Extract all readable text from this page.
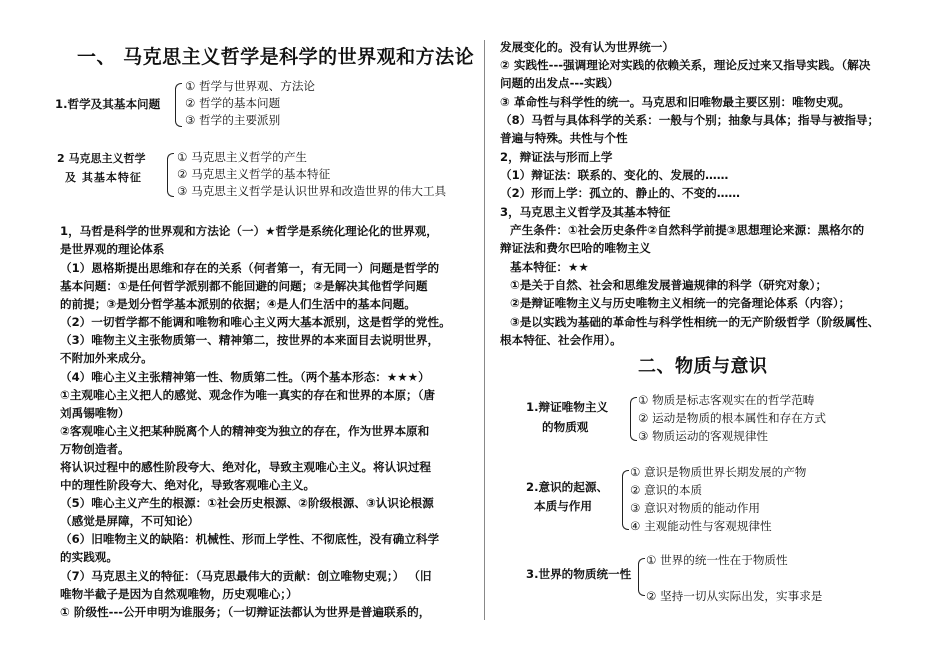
一、 马克思主义哲学是科学的世界观和方法论
1.哲学及其基本问题
① 哲学与世界观、方法论
② 哲学的基本问题
③ 哲学的主要派别
2 马克思主义哲学
及 其基本特征
① 马克思主义哲学的产生
② 马克思主义哲学的基本特征
③ 马克思主义哲学是认识世界和改造世界的伟大工具
1，马哲是科学的世界观和方法论（一）★哲学是系统化理论化的世界观，
是世界观的理论体系
（1）恩格斯提出思维和存在的关系（何者第一，有无同一）问题是哲学的
基本问题：①是任何哲学派别都不能回避的问题；②是解决其他哲学问题
的前提；③是划分哲学基本派别的依据；④是人们生活中的基本问题。
（2）一切哲学都不能调和唯物和唯心主义两大基本派别，这是哲学的党性。
（3）唯物主义主张物质第一、精神第二，按世界的本来面目去说明世界，
不附加外来成分。
（4）唯心主义主张精神第一性、物质第二性。（两个基本形态：★★★）
①主观唯心主义把人的感觉、观念作为唯一真实的存在和世界的本原；（唐
刘禹锡唯物）
②客观唯心主义把某种脱离个人的精神变为独立的存在，作为世界本原和
万物创造者。
将认识过程中的感性阶段夸大、绝对化，导致主观唯心主义。将认识过程
中的理性阶段夸大、绝对化，导致客观唯心主义。
（5）唯心主义产生的根源：①社会历史根源、②阶级根源、③认识论根源
（感觉是屏障，不可知论）
（6）旧唯物主义的缺陷：机械性、形而上学性、不彻底性，没有确立科学
的实践观。
（7）马克思主义的特征：（马克思最伟大的贡献：创立唯物史观；） （旧
唯物半截子是因为自然观唯物，历史观唯心；）
① 阶级性---公开申明为谁服务；（一切辩证法都认为世界是普遍联系的，
发展变化的。没有认为世界统一）
② 实践性---强调理论对实践的依赖关系，理论反过来又指导实践。（解决
问题的出发点---实践）
③ 革命性与科学性的统一。马克思和旧唯物最主要区别：唯物史观。
（8）马哲与具体科学的关系：一般与个别；抽象与具体；指导与被指导；
普遍与特殊。共性与个性
2，辩证法与形而上学
（1）辩证法：联系的、变化的、发展的……
（2）形而上学：孤立的、静止的、不变的……
3，马克思主义哲学及其基本特征
产生条件：①社会历史条件②自然科学前提③思想理论来源：黑格尔的
辩证法和费尔巴哈的唯物主义
基本特征：★★
①是关于自然、社会和思维发展普遍规律的科学（研究对象）；
②是辩证唯物主义与历史唯物主义相统一的完备理论体系（内容）；
③是以实践为基础的革命性与科学性相统一的无产阶级哲学（阶级属性、
根本特征、社会作用）。
二、物质与意识
1.辩证唯物主义
的物质观
① 物质是标志客观实在的哲学范畴
② 运动是物质的根本属性和存在方式
③ 物质运动的客观规律性
2.意识的起源、
本质与作用
① 意识是物质世界长期发展的产物
② 意识的本质
③ 意识对物质的能动作用
④ 主观能动性与客观规律性
3.世界的物质统一性
① 世界的统一性在于物质性
② 坚持一切从实际出发，实事求是
